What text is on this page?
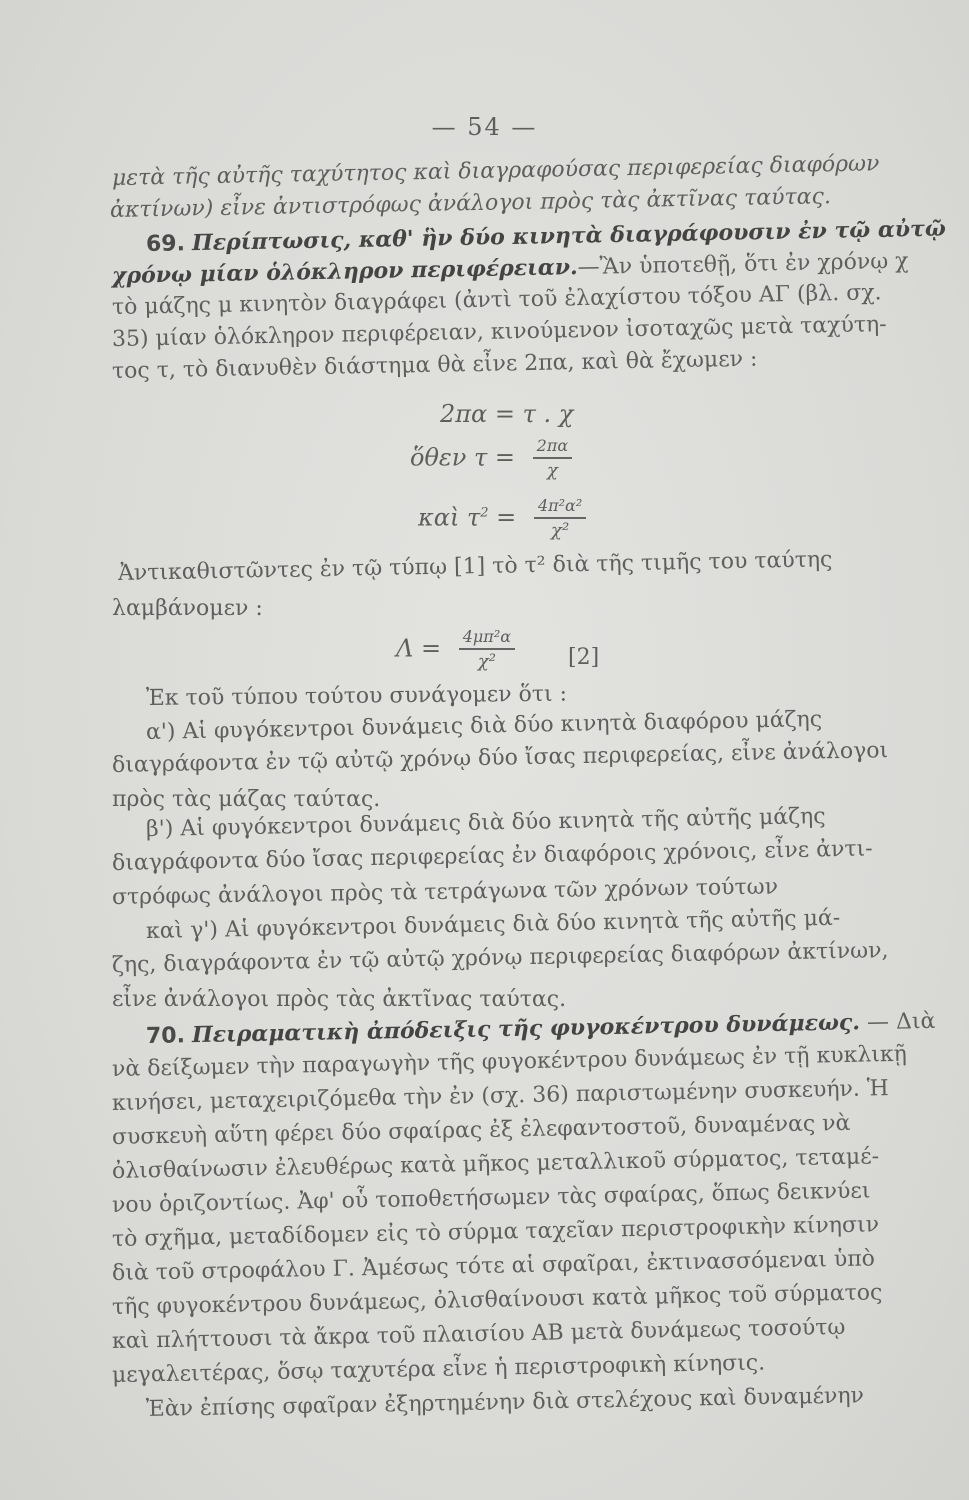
— 54 —
μετὰ τῆς αὐτῆς ταχύτητος καὶ διαγραφούσας περιφερείας διαφόρων
ἀκτίνων) εἶνε ἀντιστρόφως ἀνάλογοι πρὸς τὰς ἀκτῖνας ταύτας.
69. Περίπτωσις, καθ' ἣν δύο κινητὰ διαγράφουσιν ἐν τῷ αὐτῷ
χρόνῳ μίαν ὁλόκληρον περιφέρειαν.—Ἂν ὑποτεθῇ, ὅτι ἐν χρόνῳ χ
τὸ μάζης μ κινητὸν διαγράφει (ἀντὶ τοῦ ἐλαχίστου τόξου ΑΓ (βλ. σχ.
35) μίαν ὁλόκληρον περιφέρειαν, κινούμενον ἰσοταχῶς μετὰ ταχύτη-
τος τ, τὸ διανυθὲν διάστημα θὰ εἶνε 2πα, καὶ θὰ ἔχωμεν :
2πα = τ . χ
ὅθεν $\tau = \frac{2\pi\alpha}{\chi}$
καὶ $\tau^2 = \frac{\text{4π²α²}}{\text{χ²}}$
Ἀντικαθιστῶντες ἐν τῷ τύπῳ [1] τὸ τ² διὰ τῆς τιμῆς του ταύτης
λαμβάνομεν :
$\Lambda = \frac{\text{4μπ²α}}{\text{χ²}} [2]$
Ἐκ τοῦ τύπου τούτου συνάγομεν ὅτι :
α') Αἱ φυγόκεντροι δυνάμεις διὰ δύο κινητὰ διαφόρου μάζης
διαγράφοντα ἐν τῷ αὐτῷ χρόνῳ δύο ἴσας περιφερείας, εἶνε ἀνάλογοι
πρὸς τὰς μάζας ταύτας.
β') Αἱ φυγόκεντροι δυνάμεις διὰ δύο κινητὰ τῆς αὐτῆς μάζης
διαγράφοντα δύο ἴσας περιφερείας ἐν διαφόροις χρόνοις, εἶνε ἀντι-
στρόφως ἀνάλογοι πρὸς τὰ τετράγωνα τῶν χρόνων τούτων
καὶ γ') Αἱ φυγόκεντροι δυνάμεις διὰ δύο κινητὰ τῆς αὐτῆς μά-
ζης, διαγράφοντα ἐν τῷ αὐτῷ χρόνῳ περιφερείας διαφόρων ἀκτίνων,
εἶνε ἀνάλογοι πρὸς τὰς ἀκτῖνας ταύτας.
70. Πειραματικὴ ἀπόδειξις τῆς φυγοκέντρου δυνάμεως. — Διὰ
νὰ δείξωμεν τὴν παραγωγὴν τῆς φυγοκέντρου δυνάμεως ἐν τῇ κυκλικῇ
κινήσει, μεταχειριζόμεθα τὴν ἐν (σχ. 36) παριστωμένην συσκευήν. Ἡ
συσκευὴ αὕτη φέρει δύο σφαίρας ἐξ ἐλεφαντοστοῦ, δυναμένας νὰ
ὀλισθαίνωσιν ἐλευθέρως κατὰ μῆκος μεταλλικοῦ σύρματος, τεταμέ-
νου ὁριζοντίως. Ἀφ' οὗ τοποθετήσωμεν τὰς σφαίρας, ὅπως δεικνύει
τὸ σχῆμα, μεταδίδομεν εἰς τὸ σύρμα ταχεῖαν περιστροφικὴν κίνησιν
διὰ τοῦ στροφάλου Γ. Ἀμέσως τότε αἱ σφαῖραι, ἐκτινασσόμεναι ὑπὸ
τῆς φυγοκέντρου δυνάμεως, ὀλισθαίνουσι κατὰ μῆκος τοῦ σύρματος
καὶ πλήττουσι τὰ ἄκρα τοῦ πλαισίου ΑΒ μετὰ δυνάμεως τοσούτῳ
μεγαλειτέρας, ὅσῳ ταχυτέρα εἶνε ἡ περιστροφικὴ κίνησις.
Ἐὰν ἐπίσης σφαῖραν ἐξηρτημένην διὰ στελέχους καὶ δυναμένην
